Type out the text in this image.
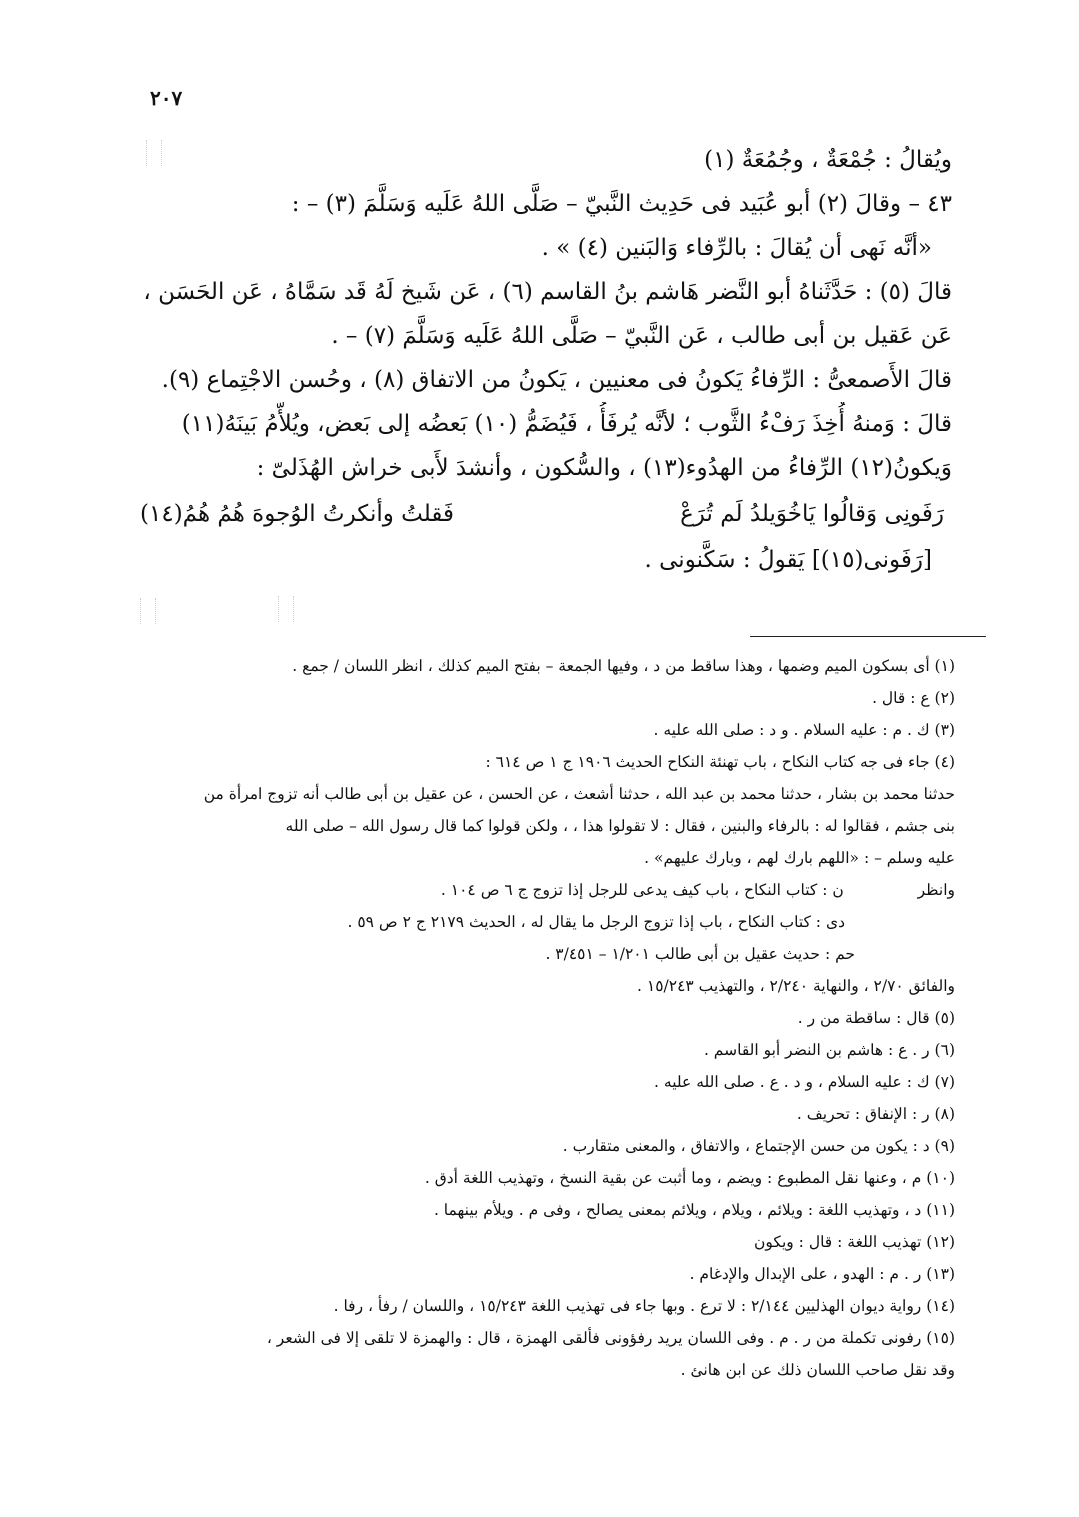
٢٠٧
ويُقالُ : جُمْعَةٌ ، وجُمُعَةٌ (١)
٤٣ – وقالَ (٢) أبو عُبَيد فى حَدِيث النَّبيّ – صَلَّى اللهُ عَلَيه وَسَلَّمَ (٣) – :
«أنَّه نَهى أن يُقالَ : بالرِّفاء وَالبَنين (٤) » .
قالَ (٥) : حَدَّثَناهُ أبو النَّضر هَاشم بنُ القاسم (٦) ، عَن شَيخ لَهُ قَد سَمَّاهُ ، عَن الحَسَن ،
عَن عَقيل بن أبى طالب ، عَن النَّبيّ – صَلَّى اللهُ عَلَيه وَسَلَّمَ (٧) – .
قالَ الأَصمعىُّ : الرِّفاءُ يَكونُ فى معنيين ، يَكونُ من الاتفاق (٨) ، وحُسن الاجْتِماع (٩).
قالَ : وَمنهُ أُخِذَ رَفْءُ الثَّوب ؛ لأنَّه يُرفَأُ ، فَيُضَمُّ (١٠) بَعضُه إلى بَعض، ويُلأَّمُ بَينَهُ(١١)
وَيكونُ(١٢) الرِّفاءُ من الهدُوء(١٣) ، والسُّكون ، وأنشدَ لأَبى خراش الهُذَلىّ :
رَفَونِى وَقالُوا يَاخُوَيلدُ لَم تُرَعْ
فَقلتُ وأنكرتُ الوُجوهَ هُمُ هُمُ(١٤)
[رَفَونى(١٥)] يَقولُ : سَكَّنونى .
(١) أى بسكون الميم وضمها ، وهذا ساقط من د ، وفيها الجمعة – بفتح الميم كذلك ، انظر اللسان / جمع .
(٢) ع : قال .
(٣) ك . م : عليه السلام . و د : صلى الله عليه .
(٤) جاء فى جه كتاب النكاح ، باب تهنئة النكاح الحديث ١٩٠٦ ج ١ ص ٦١٤ :
حدثنا محمد بن بشار ، حدثنا محمد بن عبد الله ، حدثنا أشعث ، عن الحسن ، عن عقيل بن أبى طالب أنه تزوج امرأة من
بنى جشم ، فقالوا له : بالرفاء والبنين ، فقال : لا تقولوا هذا ، ، ولكن قولوا كما قال رسول الله – صلى الله
عليه وسلم – : «اللهم بارك لهم ، وبارك عليهم» .
وانظر  ن : كتاب النكاح ، باب كيف يدعى للرجل إذا تزوج ج ٦ ص ١٠٤ .
دى : كتاب النكاح ، باب إذا تزوج الرجل ما يقال له ، الحديث ٢١٧٩ ج ٢ ص ٥٩ .
حم : حديث عقيل بن أبى طالب ١/٢٠١ – ٣/٤٥١ .
والفائق ٢/٧٠ ، والنهاية ٢/٢٤٠ ، والتهذيب ١٥/٢٤٣ .
(٥) قال : ساقطة من ر .
(٦) ر . ع : هاشم بن النضر أبو القاسم .
(٧) ك : عليه السلام ، و د . ع . صلى الله عليه .
(٨) ر : الإنفاق : تحريف .
(٩) د : يكون من حسن الإجتماع ، والاتفاق ، والمعنى متقارب .
(١٠) م ، وعنها نقل المطبوع : ويضم ، وما أثبت عن بقية النسخ ، وتهذيب اللغة أدق .
(١١) د ، وتهذيب اللغة : ويلائم ، ويلام ، ويلائم بمعنى يصالح ، وفى م . ويلأم بينهما .
(١٢) تهذيب اللغة : قال : ويكون
(١٣) ر . م : الهدو ، على الإبدال والإدغام .
(١٤) رواية ديوان الهذليين ٢/١٤٤ : لا ترع . وبها جاء فى تهذيب اللغة ١٥/٢٤٣ ، واللسان / رفأ ، رفا .
(١٥) رفونى تكملة من ر . م . وفى اللسان يريد رفؤونى فألقى الهمزة ، قال : والهمزة لا تلقى إلا فى الشعر ،
وقد نقل صاحب اللسان ذلك عن ابن هانئ .
